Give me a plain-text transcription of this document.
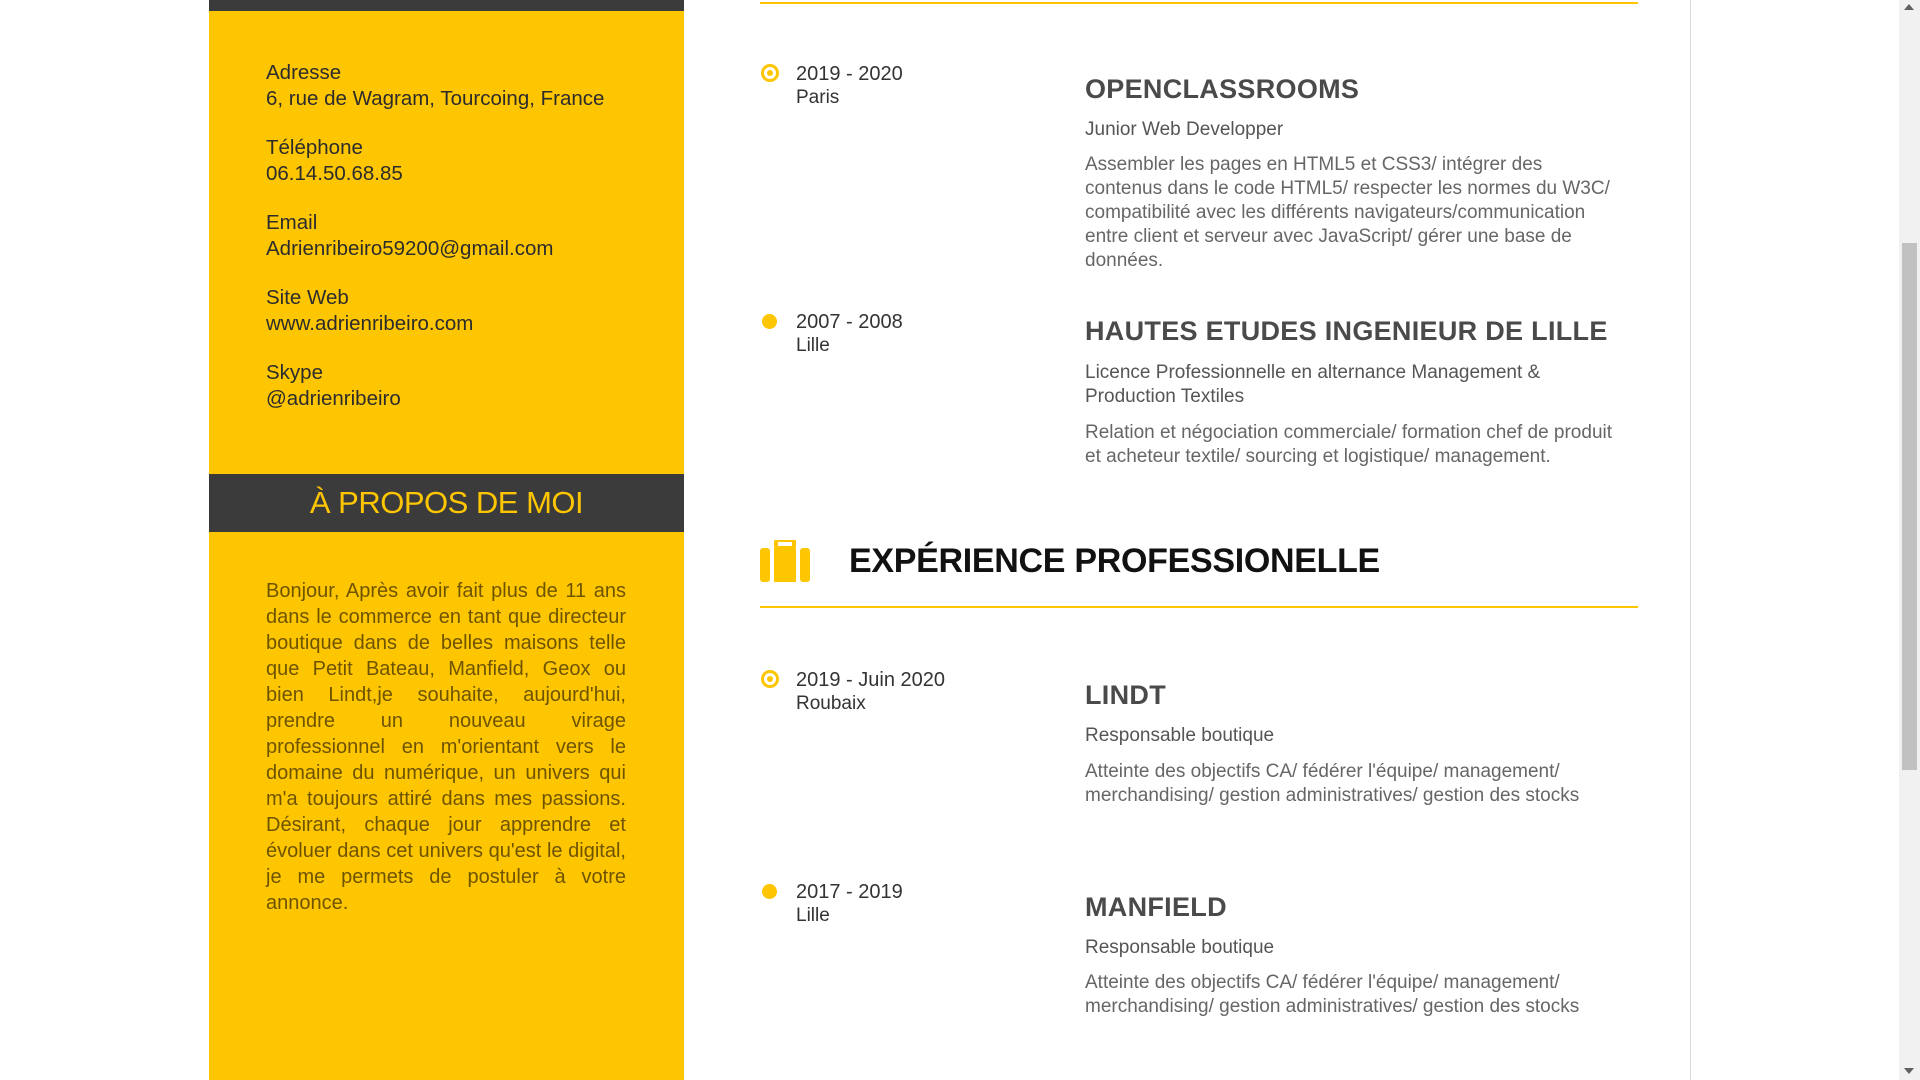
Adresse
6, rue de Wagram, Tourcoing, France
Téléphone
06.14.50.68.85
Email
Adrienribeiro59200@gmail.com
Site Web
www.adrienribeiro.com
Skype
@adrienribeiro
À PROPOS DE MOI
Bonjour, Après avoir fait plus de 11 ans dans le commerce en tant que directeur boutique dans de belles maisons telle que Petit Bateau, Manfield, Geox ou bien Lindt,je souhaite, aujourd'hui, prendre un nouveau virage professionnel en m'orientant vers le domaine du numérique, un univers qui m'a toujours attiré dans mes passions. Désirant, chaque jour apprendre et évoluer dans cet univers qu'est le digital, je me permets de postuler à votre annonce.
2019 - 2020
Paris	OPENCLASSROOMS
Junior Web Developper
Assembler les pages en HTML5 et CSS3/ intégrer des contenus dans le code HTML5/ respecter les normes du W3C/ compatibilité avec les différents navigateurs/communication entre client et serveur avec JavaScript/ gérer une base de données.
2007 - 2008
Lille	HAUTES ETUDES INGENIEUR DE LILLE
Licence Professionnelle en alternance Management & Production Textiles
Relation et négociation commerciale/ formation chef de produit et acheteur textile/ sourcing et logistique/ management.
EXPÉRIENCE PROFESSIONELLE
2019 - Juin 2020
Roubaix	LINDT
Responsable boutique
Atteinte des objectifs CA/ fédérer l'équipe/ management/ merchandising/ gestion administratives/ gestion des stocks
2017 - 2019
Lille	MANFIELD
Responsable boutique
Atteinte des objectifs CA/ fédérer l'équipe/ management/ merchandising/ gestion administratives/ gestion des stocks
